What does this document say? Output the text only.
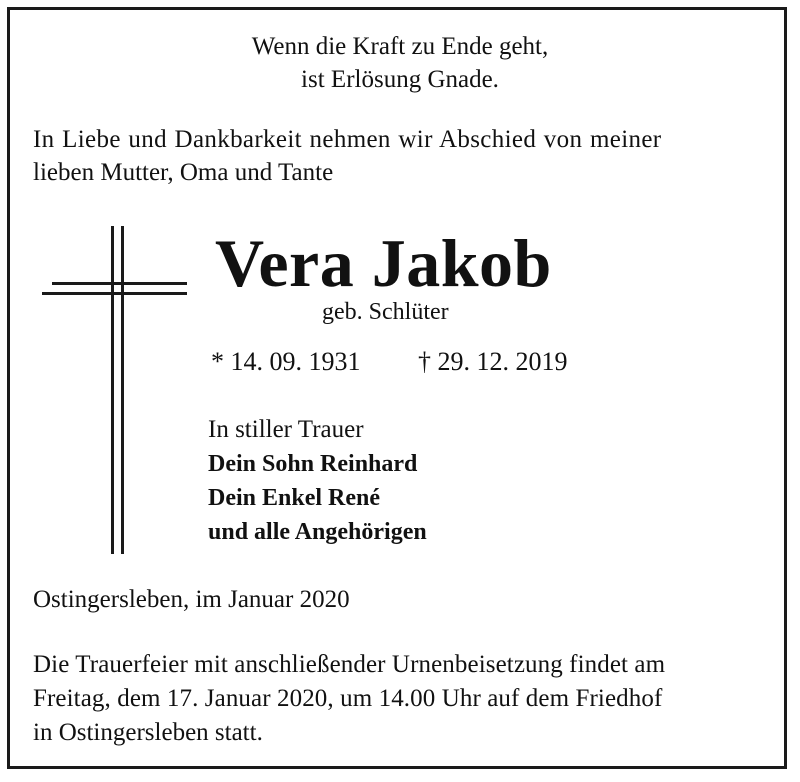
Wenn die Kraft zu Ende geht,
ist Erlösung Gnade.
In Liebe und Dankbarkeit nehmen wir Abschied von meiner
lieben Mutter, Oma und Tante
Vera Jakob
geb. Schlüter
* 14. 09. 1931 † 29. 12. 2019
In stiller Trauer
Dein Sohn Reinhard
Dein Enkel René
und alle Angehörigen
Ostingersleben, im Januar 2020
Die Trauerfeier mit anschließender Urnenbeisetzung findet am
Freitag, dem 17. Januar 2020, um 14.00 Uhr auf dem Friedhof
in Ostingersleben statt.
